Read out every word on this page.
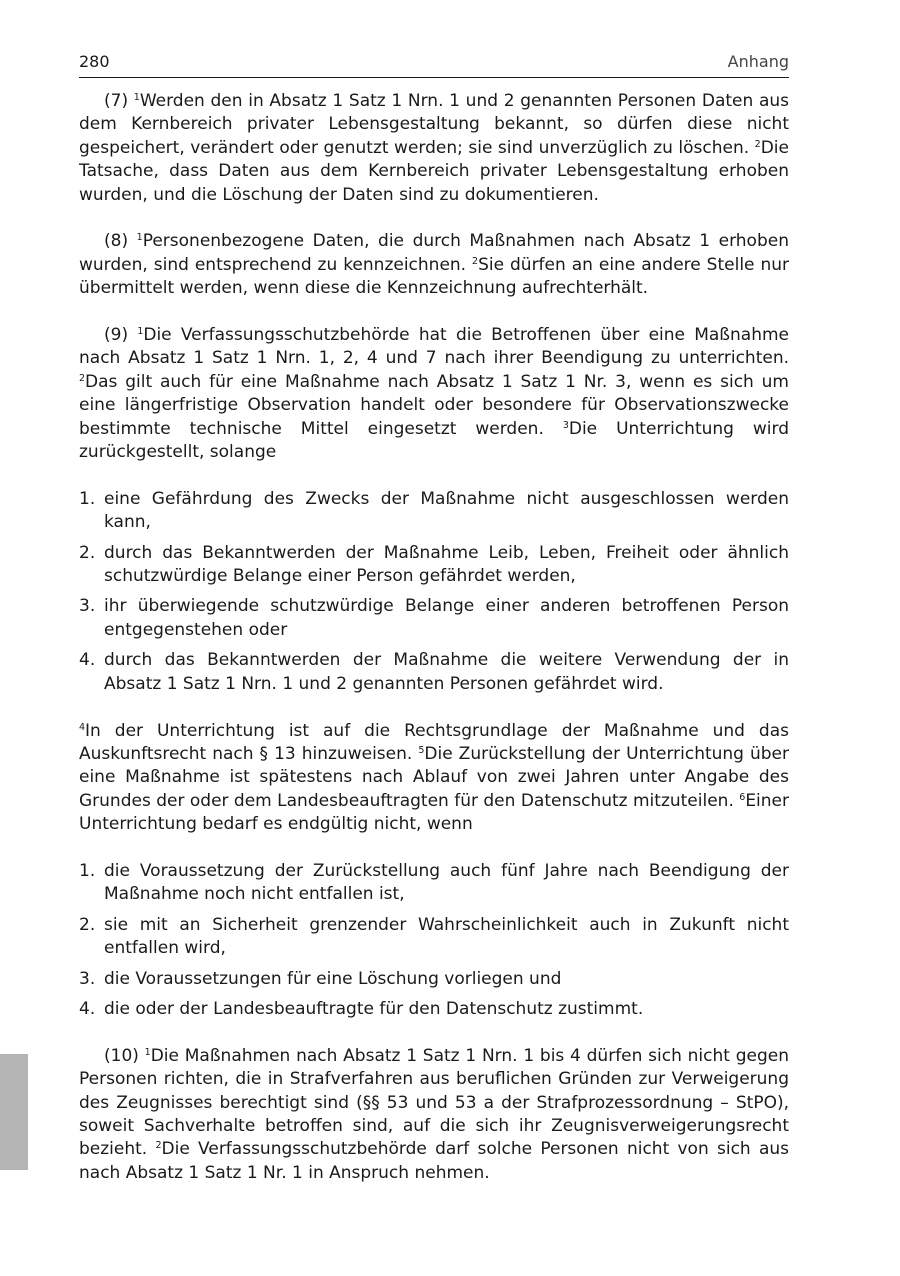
280	Anhang

(7) $^1$Werden den in Absatz 1 Satz 1 Nrn. 1 und 2 genannten Personen Daten aus dem Kernbereich privater Lebensgestaltung bekannt, so dürfen diese nicht gespeichert, verändert oder genutzt werden; sie sind unverzüglich zu löschen. $^2$Die Tatsache, dass Daten aus dem Kernbereich privater Lebensgestaltung erhoben wurden, und die Löschung der Daten sind zu dokumentieren.

(8) $^1$Personenbezogene Daten, die durch Maßnahmen nach Absatz 1 erhoben wurden, sind entsprechend zu kennzeichnen. $^2$Sie dürfen an eine andere Stelle nur übermittelt werden, wenn diese die Kennzeichnung aufrechterhält.

(9) $^1$Die Verfassungsschutzbehörde hat die Betroffenen über eine Maßnahme nach Absatz 1 Satz 1 Nrn. 1, 2, 4 und 7 nach ihrer Beendigung zu unterrichten. $^2$Das gilt auch für eine Maßnahme nach Absatz 1 Satz 1 Nr. 3, wenn es sich um eine längerfristige Observation handelt oder besondere für Observationszwecke bestimmte technische Mittel eingesetzt werden. $^3$Die Unterrichtung wird zurückgestellt, solange

1. eine Gefährdung des Zwecks der Maßnahme nicht ausgeschlossen werden kann,
2. durch das Bekanntwerden der Maßnahme Leib, Leben, Freiheit oder ähnlich schutzwürdige Belange einer Person gefährdet werden,
3. ihr überwiegende schutzwürdige Belange einer anderen betroffenen Person entgegenstehen oder
4. durch das Bekanntwerden der Maßnahme die weitere Verwendung der in Absatz 1 Satz 1 Nrn. 1 und 2 genannten Personen gefährdet wird.

$^4$In der Unterrichtung ist auf die Rechtsgrundlage der Maßnahme und das Auskunftsrecht nach § 13 hinzuweisen. $^5$Die Zurückstellung der Unterrichtung über eine Maßnahme ist spätestens nach Ablauf von zwei Jahren unter Angabe des Grundes der oder dem Landesbeauftragten für den Datenschutz mitzuteilen. $^6$Einer Unterrichtung bedarf es endgültig nicht, wenn

1. die Voraussetzung der Zurückstellung auch fünf Jahre nach Beendigung der Maßnahme noch nicht entfallen ist,
2. sie mit an Sicherheit grenzender Wahrscheinlichkeit auch in Zukunft nicht entfallen wird,
3. die Voraussetzungen für eine Löschung vorliegen und
4. die oder der Landesbeauftragte für den Datenschutz zustimmt.

(10) $^1$Die Maßnahmen nach Absatz 1 Satz 1 Nrn. 1 bis 4 dürfen sich nicht gegen Personen richten, die in Strafverfahren aus beruflichen Gründen zur Verweigerung des Zeugnisses berechtigt sind (§§ 53 und 53 a der Strafprozessordnung – StPO), soweit Sachverhalte betroffen sind, auf die sich ihr Zeugnisverweigerungsrecht bezieht. $^2$Die Verfassungsschutzbehörde darf solche Personen nicht von sich aus nach Absatz 1 Satz 1 Nr. 1 in Anspruch nehmen.
